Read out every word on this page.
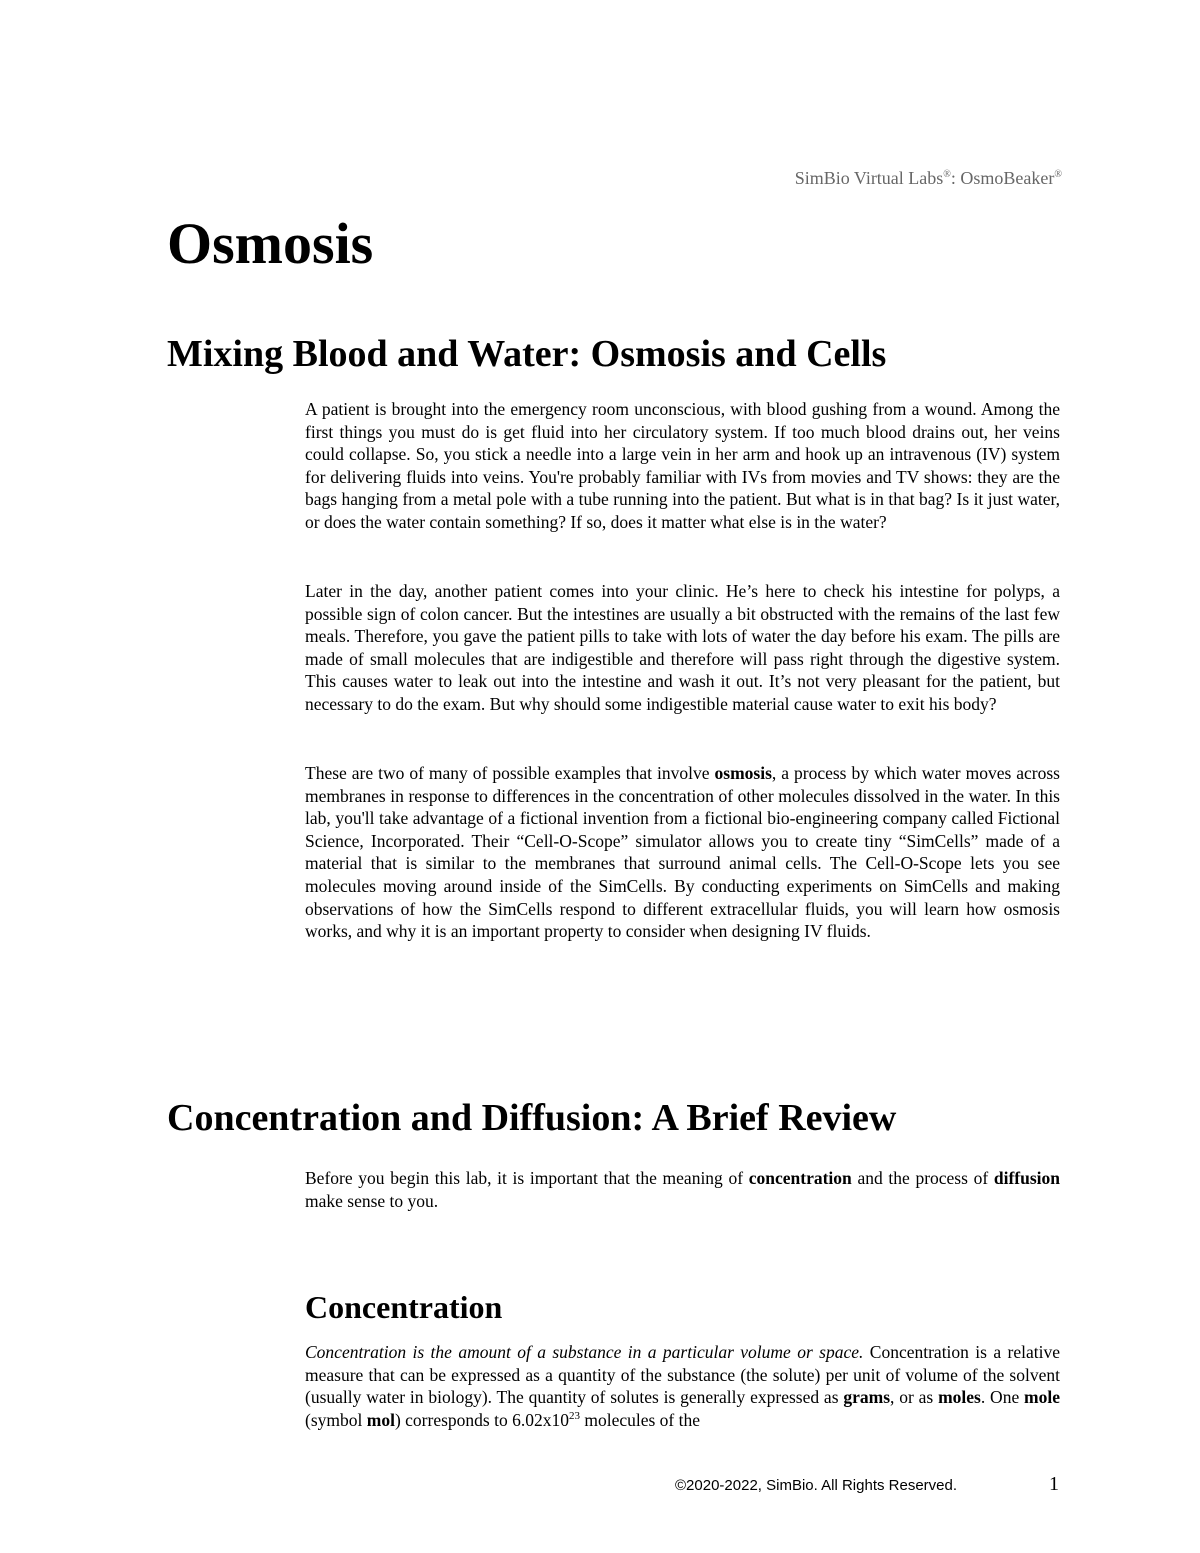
SimBio Virtual Labs®: OsmoBeaker®
Osmosis
Mixing Blood and Water: Osmosis and Cells

A patient is brought into the emergency room unconscious, with blood gushing from a wound. Among the first things you must do is get fluid into her circulatory system. If too much blood drains out, her veins could collapse. So, you stick a needle into a large vein in her arm and hook up an intravenous (IV) system for delivering fluids into veins. You're probably familiar with IVs from movies and TV shows: they are the bags hanging from a metal pole with a tube running into the patient. But what is in that bag? Is it just water, or does the water contain something? If so, does it matter what else is in the water?

Later in the day, another patient comes into your clinic. He’s here to check his intestine for polyps, a possible sign of colon cancer. But the intestines are usually a bit obstructed with the remains of the last few meals. Therefore, you gave the patient pills to take with lots of water the day before his exam. The pills are made of small molecules that are indigestible and therefore will pass right through the digestive system. This causes water to leak out into the intestine and wash it out. It’s not very pleasant for the patient, but necessary to do the exam. But why should some indigestible material cause water to exit his body?

These are two of many of possible examples that involve osmosis, a process by which water moves across membranes in response to differences in the concentration of other molecules dissolved in the water. In this lab, you'll take advantage of a fictional invention from a fictional bio-engineering company called Fictional Science, Incorporated. Their “Cell-O-Scope” simulator allows you to create tiny “SimCells” made of a material that is similar to the membranes that surround animal cells. The Cell-O-Scope lets you see molecules moving around inside of the SimCells. By conducting experiments on SimCells and making observations of how the SimCells respond to different extracellular fluids, you will learn how osmosis works, and why it is an important property to consider when designing IV fluids.

Concentration and Diffusion: A Brief Review

Before you begin this lab, it is important that the meaning of concentration and the process of diffusion make sense to you.

Concentration

Concentration is the amount of a substance in a particular volume or space. Concentration is a relative measure that can be expressed as a quantity of the substance (the solute) per unit of volume of the solvent (usually water in biology). The quantity of solutes is generally expressed as grams, or as moles. One mole (symbol mol) corresponds to $6.02x10^{23}$ molecules of the

©2020-2022, SimBio. All Rights Reserved.	1
